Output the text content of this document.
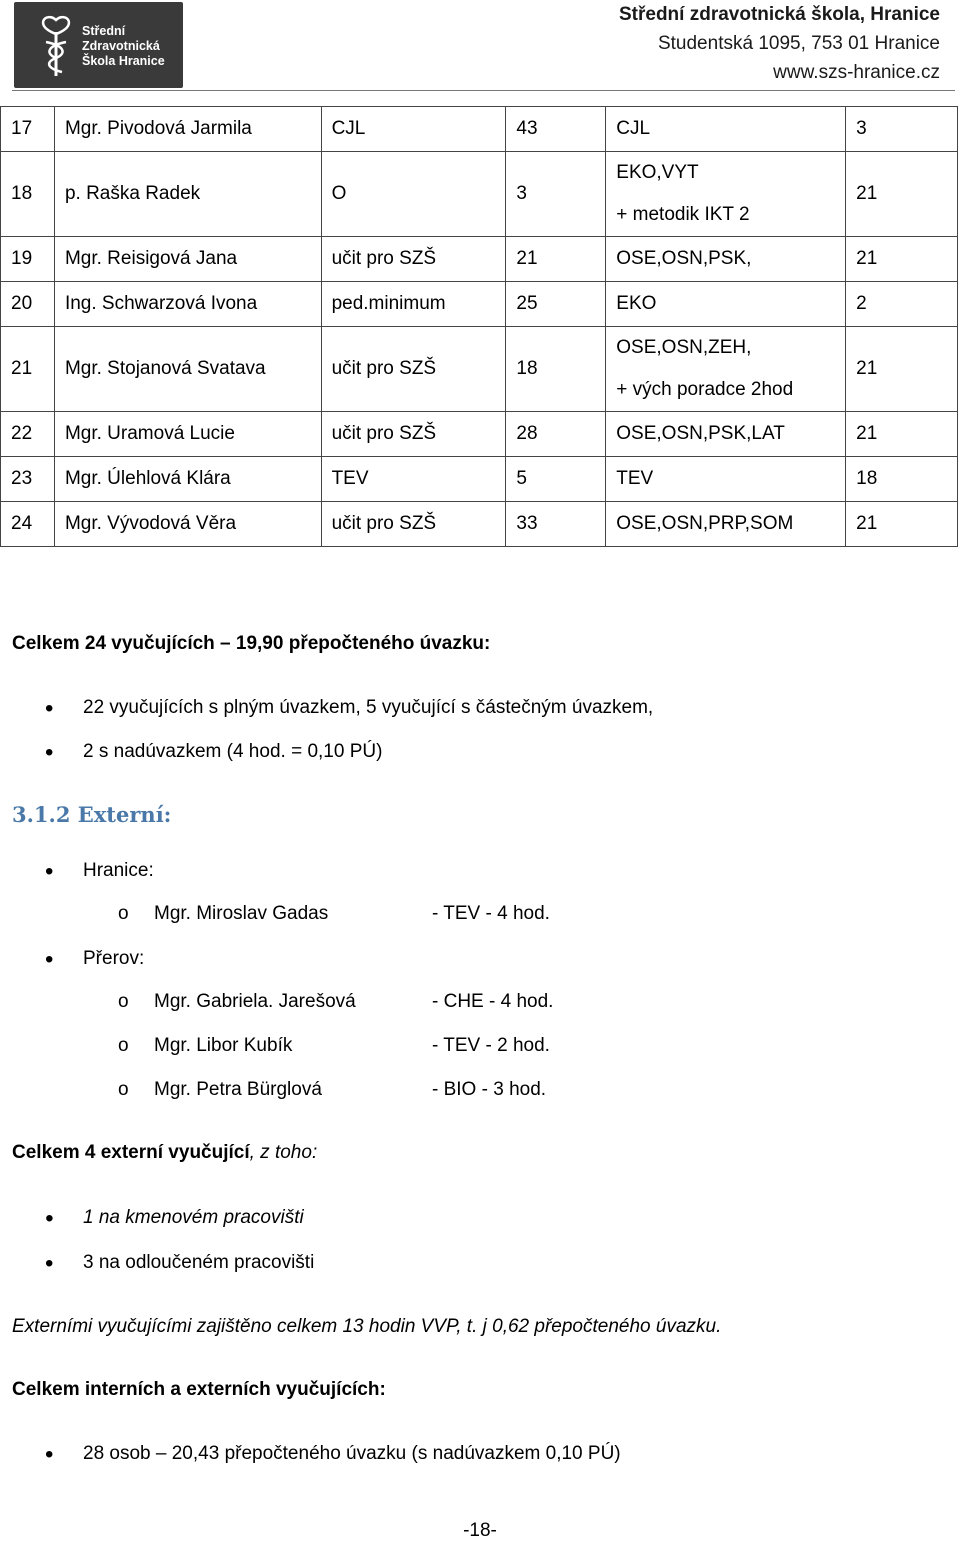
Střední
Zdravotnická
Škola Hranice
Střední zdravotnická škola, Hranice
Studentská 1095, 753 01 Hranice
www.szs-hranice.cz
17	Mgr. Pivodová Jarmila	CJL	43	CJL	3
18	p. Raška Radek	O	3	EKO,VYT
+ metodik IKT 2	21
19	Mgr. Reisigová Jana	učit pro SZŠ	21	OSE,OSN,PSK,	21
20	Ing. Schwarzová Ivona	ped.minimum	25	EKO	2
21	Mgr. Stojanová Svatava	učit pro SZŠ	18	OSE,OSN,ZEH,
+ vých poradce 2hod	21
22	Mgr. Uramová Lucie	učit pro SZŠ	28	OSE,OSN,PSK,LAT	21
23	Mgr. Úlehlová Klára	TEV	5	TEV	18
24	Mgr. Vývodová Věra	učit pro SZŠ	33	OSE,OSN,PRP,SOM	21
Celkem 24 vyučujících – 19,90 přepočteného úvazku:
• 22 vyučujících s plným úvazkem, 5 vyučující s částečným úvazkem,
• 2 s nadúvazkem (4 hod. = 0,10 PÚ)
3.1.2 Externí:
• Hranice:
o Mgr. Miroslav Gadas	- TEV - 4 hod.
• Přerov:
o Mgr. Gabriela. Jarešová	- CHE - 4 hod.
o Mgr. Libor Kubík	- TEV - 2 hod.
o Mgr. Petra Bürglová	- BIO - 3 hod.
Celkem 4 externí vyučující, z toho:
• 1 na kmenovém pracovišti
• 3 na odloučeném pracovišti
Externími vyučujícími zajištěno celkem 13 hodin VVP, t. j 0,62 přepočteného úvazku.
Celkem interních a externích vyučujících:
• 28 osob – 20,43 přepočteného úvazku (s nadúvazkem 0,10 PÚ)
-18-
